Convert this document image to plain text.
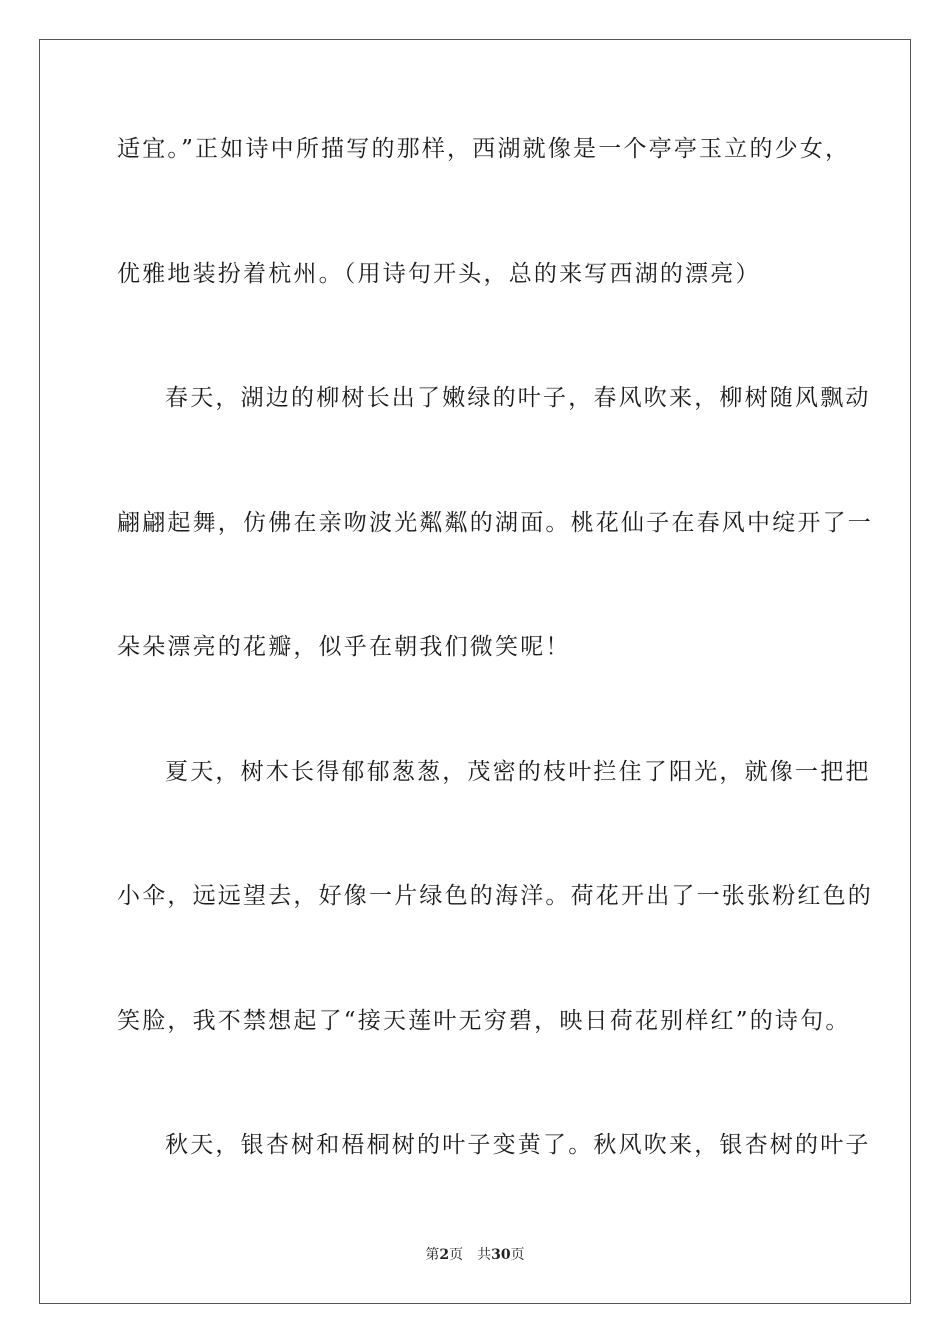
适宜。”正如诗中所描写的那样，西湖就像是一个亭亭玉立的少女，
优雅地装扮着杭州。（用诗句开头，总的来写西湖的漂亮）
春天，湖边的柳树长出了嫩绿的叶子，春风吹来，柳树随风飘动
翩翩起舞，仿佛在亲吻波光粼粼的湖面。桃花仙子在春风中绽开了一
朵朵漂亮的花瓣，似乎在朝我们微笑呢！
夏天，树木长得郁郁葱葱，茂密的枝叶拦住了阳光，就像一把把
小伞，远远望去，好像一片绿色的海洋。荷花开出了一张张粉红色的
笑脸，我不禁想起了“接天莲叶无穷碧，映日荷花别样红”的诗句。
秋天，银杏树和梧桐树的叶子变黄了。秋风吹来，银杏树的叶子
第2页　共30页
